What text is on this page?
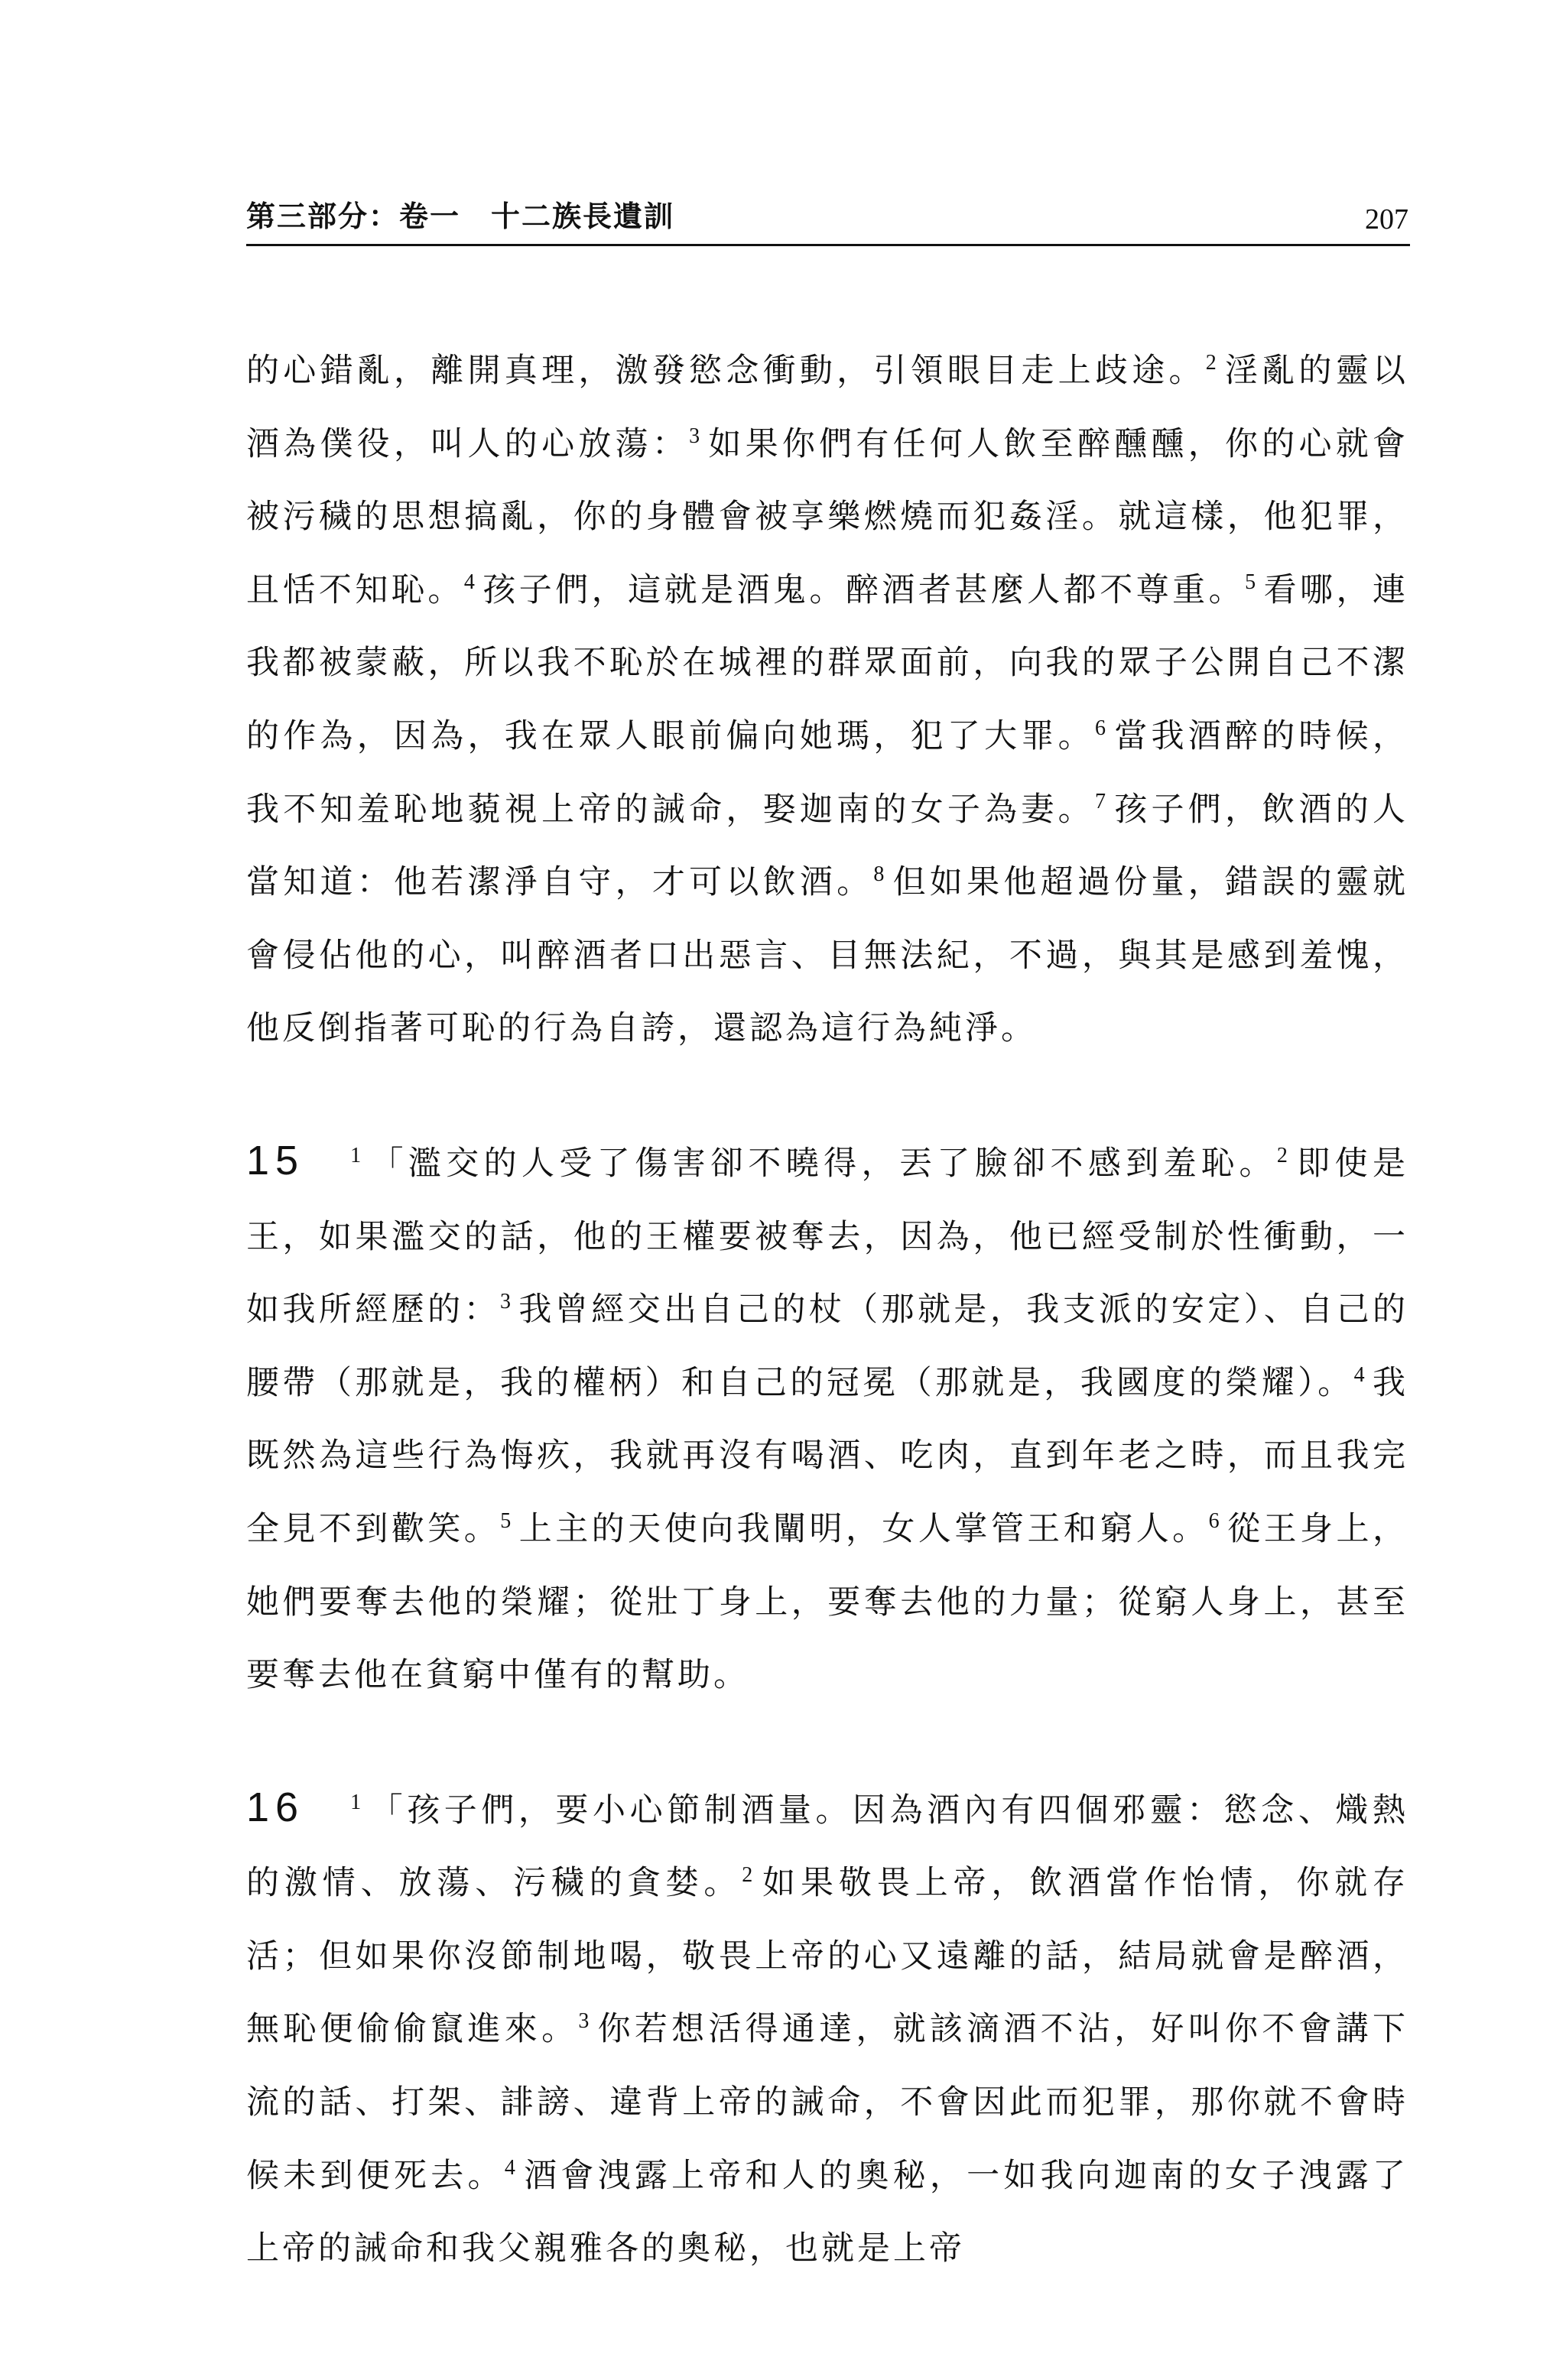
第三部分：卷一　十二族長遺訓	207

的心錯亂，離開真理，激發慾念衝動，引領眼目走上歧途。$^2$ 淫亂的靈以酒為僕役，叫人的心放蕩：$^3$ 如果你們有任何人飲至醉醺醺，你的心就會被污穢的思想搞亂，你的身體會被享樂燃燒而犯姦淫。就這樣，他犯罪，且恬不知恥。$^4$ 孩子們，這就是酒鬼。醉酒者甚麼人都不尊重。$^5$ 看哪，連我都被蒙蔽，所以我不恥於在城裡的群眾面前，向我的眾子公開自己不潔的作為，因為，我在眾人眼前偏向她瑪，犯了大罪。$^6$ 當我酒醉的時候，我不知羞恥地藐視上帝的誡命，娶迦南的女子為妻。$^7$ 孩子們，飲酒的人當知道：他若潔淨自守，才可以飲酒。$^8$ 但如果他超過份量，錯誤的靈就會侵佔他的心，叫醉酒者口出惡言、目無法紀，不過，與其是感到羞愧，他反倒指著可恥的行為自誇，還認為這行為純淨。

15 $^1$ 「濫交的人受了傷害卻不曉得，丟了臉卻不感到羞恥。$^2$ 即使是王，如果濫交的話，他的王權要被奪去，因為，他已經受制於性衝動，一如我所經歷的：$^3$ 我曾經交出自己的杖（那就是，我支派的安定）、自己的腰帶（那就是，我的權柄）和自己的冠冕（那就是，我國度的榮耀）。$^4$ 我既然為這些行為悔疚，我就再沒有喝酒、吃肉，直到年老之時，而且我完全見不到歡笑。$^5$ 上主的天使向我闡明，女人掌管王和窮人。$^6$ 從王身上，她們要奪去他的榮耀；從壯丁身上，要奪去他的力量；從窮人身上，甚至要奪去他在貧窮中僅有的幫助。

16 $^1$ 「孩子們，要小心節制酒量。因為酒內有四個邪靈：慾念、熾熱的激情、放蕩、污穢的貪婪。$^2$ 如果敬畏上帝，飲酒當作怡情，你就存活；但如果你沒節制地喝，敬畏上帝的心又遠離的話，結局就會是醉酒，無恥便偷偷竄進來。$^3$ 你若想活得通達，就該滴酒不沾，好叫你不會講下流的話、打架、誹謗、違背上帝的誡命，不會因此而犯罪，那你就不會時候未到便死去。$^4$ 酒會洩露上帝和人的奧秘，一如我向迦南的女子洩露了上帝的誡命和我父親雅各的奧秘，也就是上帝
